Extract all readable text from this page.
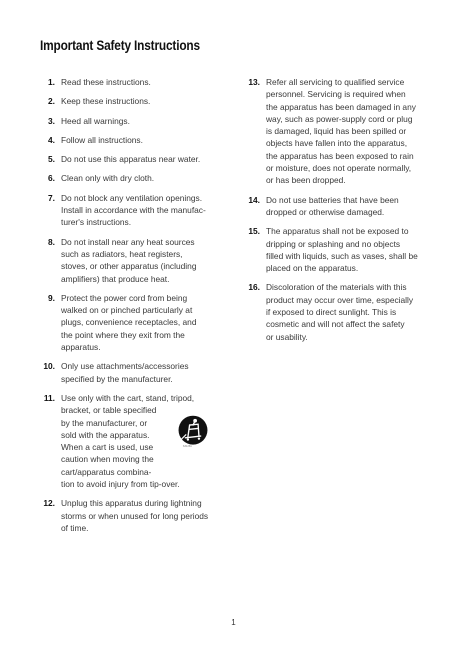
Important Safety Instructions
1. Read these instructions.
2. Keep these instructions.
3. Heed all warnings.
4. Follow all instructions.
5. Do not use this apparatus near water.
6. Clean only with dry cloth.
7. Do not block any ventilation openings.
Install in accordance with the manufac-
turer's instructions.
8. Do not install near any heat sources
such as radiators, heat registers,
stoves, or other apparatus (including
amplifiers) that produce heat.
9. Protect the power cord from being
walked on or pinched particularly at
plugs, convenience receptacles, and
the point where they exit from the
apparatus.
10. Only use attachments/accessories
specified by the manufacturer.
11. Use only with the cart, stand, tripod,
bracket, or table specified
by the manufacturer, or
sold with the apparatus.
When a cart is used, use
caution when moving the
cart/apparatus combina-
tion to avoid injury from tip-over.
S3125A
12. Unplug this apparatus during lightning
storms or when unused for long periods
of time.
13. Refer all servicing to qualified service
personnel. Servicing is required when
the apparatus has been damaged in any
way, such as power-supply cord or plug
is damaged, liquid has been spilled or
objects have fallen into the apparatus,
the apparatus has been exposed to rain
or moisture, does not operate normally,
or has been dropped.
14. Do not use batteries that have been
dropped or otherwise damaged.
15. The apparatus shall not be exposed to
dripping or splashing and no objects
filled with liquids, such as vases, shall be
placed on the apparatus.
16. Discoloration of the materials with this
product may occur over time, especially
if exposed to direct sunlight. This is
cosmetic and will not affect the safety
or usability.
1
